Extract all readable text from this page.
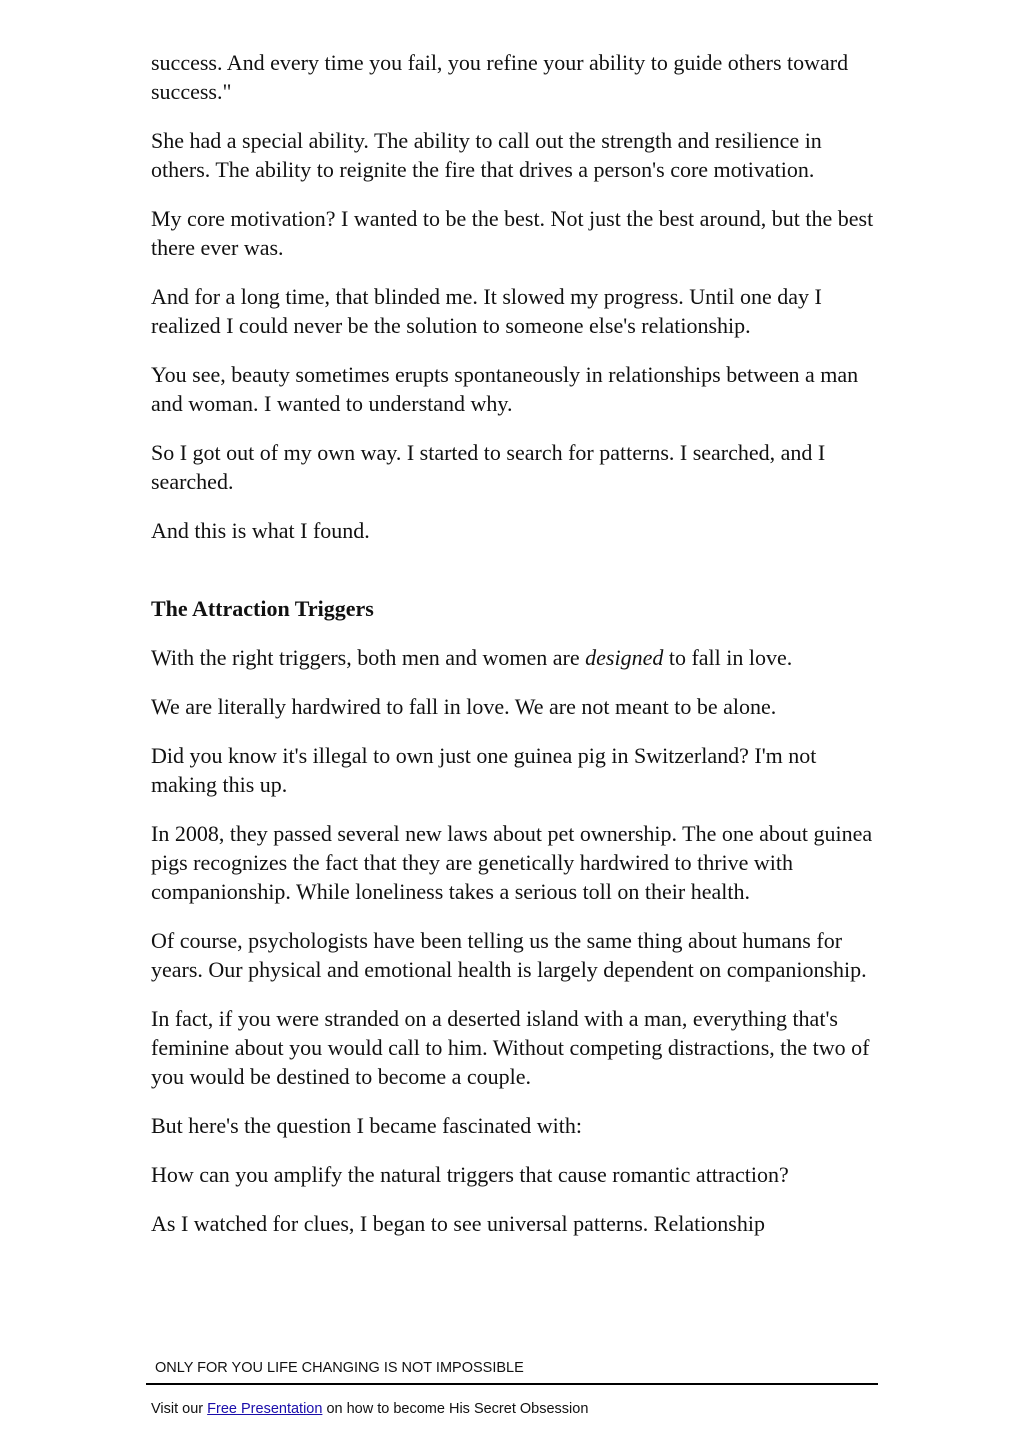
success. And every time you fail, you refine your ability to guide others toward success."

She had a special ability. The ability to call out the strength and resilience in others. The ability to reignite the fire that drives a person's core motivation.

My core motivation? I wanted to be the best. Not just the best around, but the best there ever was.

And for a long time, that blinded me. It slowed my progress. Until one day I realized I could never be the solution to someone else's relationship.

You see, beauty sometimes erupts spontaneously in relationships between a man and woman. I wanted to understand why.

So I got out of my own way. I started to search for patterns. I searched, and I searched.

And this is what I found.

The Attraction Triggers

With the right triggers, both men and women are designed to fall in love.

We are literally hardwired to fall in love. We are not meant to be alone.

Did you know it's illegal to own just one guinea pig in Switzerland? I'm not making this up.

In 2008, they passed several new laws about pet ownership. The one about guinea pigs recognizes the fact that they are genetically hardwired to thrive with companionship. While loneliness takes a serious toll on their health.

Of course, psychologists have been telling us the same thing about humans for years. Our physical and emotional health is largely dependent on companionship.

In fact, if you were stranded on a deserted island with a man, everything that's feminine about you would call to him. Without competing distractions, the two of you would be destined to become a couple.

But here's the question I became fascinated with:

How can you amplify the natural triggers that cause romantic attraction?

As I watched for clues, I began to see universal patterns. Relationship

ONLY FOR YOU LIFE CHANGING IS NOT IMPOSSIBLE
Visit our Free Presentation on how to become His Secret Obsession
